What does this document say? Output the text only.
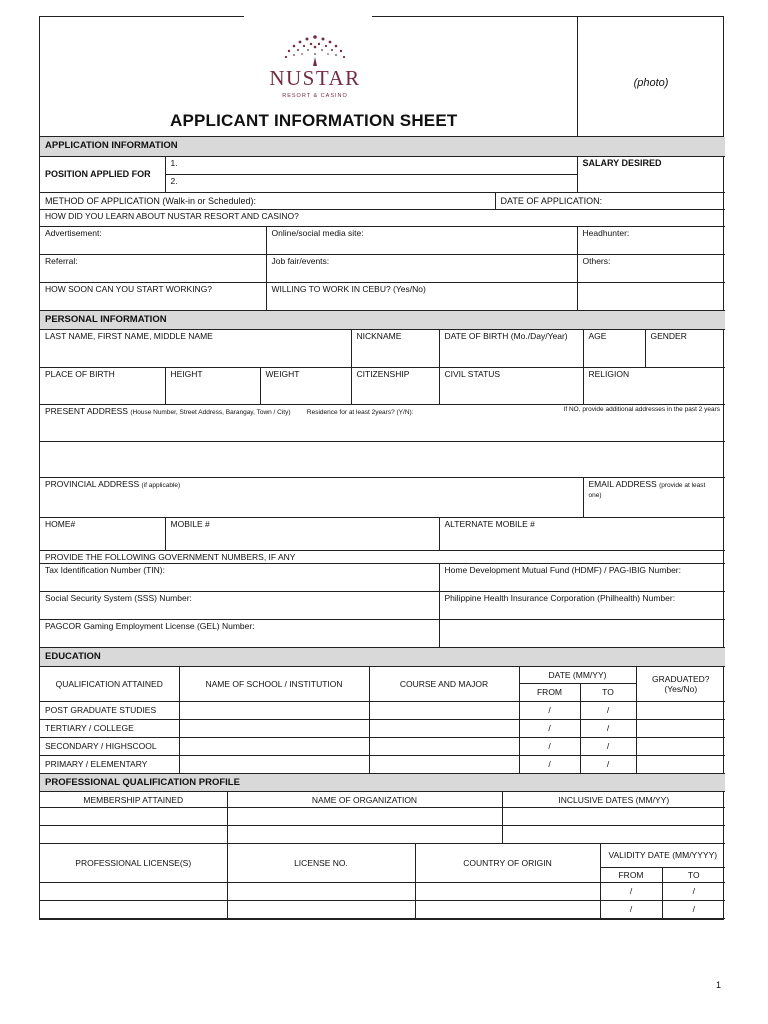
NUSTAR
RESORT & CASINO
APPLICANT INFORMATION SHEET
(photo)
APPLICATION INFORMATION				
POSITION APPLIED FOR	1.			SALARY DESIRED
	2.			
METHOD OF APPLICATION (Walk-in or Scheduled):			DATE OF APPLICATION:	
HOW DID YOU LEARN ABOUT NUSTAR RESORT AND CASINO?				
Advertisement:		Online/social media site:		Headhunter:
Referral:		Job fair/events:		Others:
HOW SOON CAN YOU START WORKING?		WILLING TO WORK IN CEBU? (Yes/No)		
PERSONAL INFORMATION						
LAST NAME, FIRST NAME, MIDDLE NAME			NICKNAME	DATE OF BIRTH (Mo./Day/Year)	AGE	GENDER
PLACE OF BIRTH	HEIGHT	WEIGHT	CITIZENSHIP	CIVIL STATUS	RELIGION	
PRESENT ADDRESS (House Number, Street Address, Barangay, Town / City) Residence for at least 2years? (Y/N): If NO, provide additional addresses in the past 2 years						

PROVINCIAL ADDRESS (if applicable)					EMAIL ADDRESS (provide at least one)	
HOME#	MOBILE #			ALTERNATE MOBILE #		
PROVIDE THE FOLLOWING GOVERNMENT NUMBERS, IF ANY						
Tax Identification Number (TIN):				Home Development Mutual Fund (HDMF) / PAG-IBIG Number:		
Social Security System (SSS) Number:				Philippine Health Insurance Corporation (Philhealth) Number:		
PAGCOR Gaming Employment License (GEL) Number:						
EDUCATION					
QUALIFICATION ATTAINED	NAME OF SCHOOL / INSTITUTION	COURSE AND MAJOR	DATE (MM/YY)		GRADUATED? (Yes/No)
			FROM	TO	
POST GRADUATE STUDIES			/	/	
TERTIARY / COLLEGE			/	/	
SECONDARY / HIGHSCOOL			/	/	
PRIMARY / ELEMENTARY			/	/	
PROFESSIONAL QUALIFICATION PROFILE		
MEMBERSHIP ATTAINED	NAME OF ORGANIZATION	INCLUSIVE DATES (MM/YY)

PROFESSIONAL LICENSE(S)	LICENSE NO.	COUNTRY OF ORIGIN	VALIDITY DATE (MM/YYYY)	
			FROM	TO
			/	/
			/	/
1
